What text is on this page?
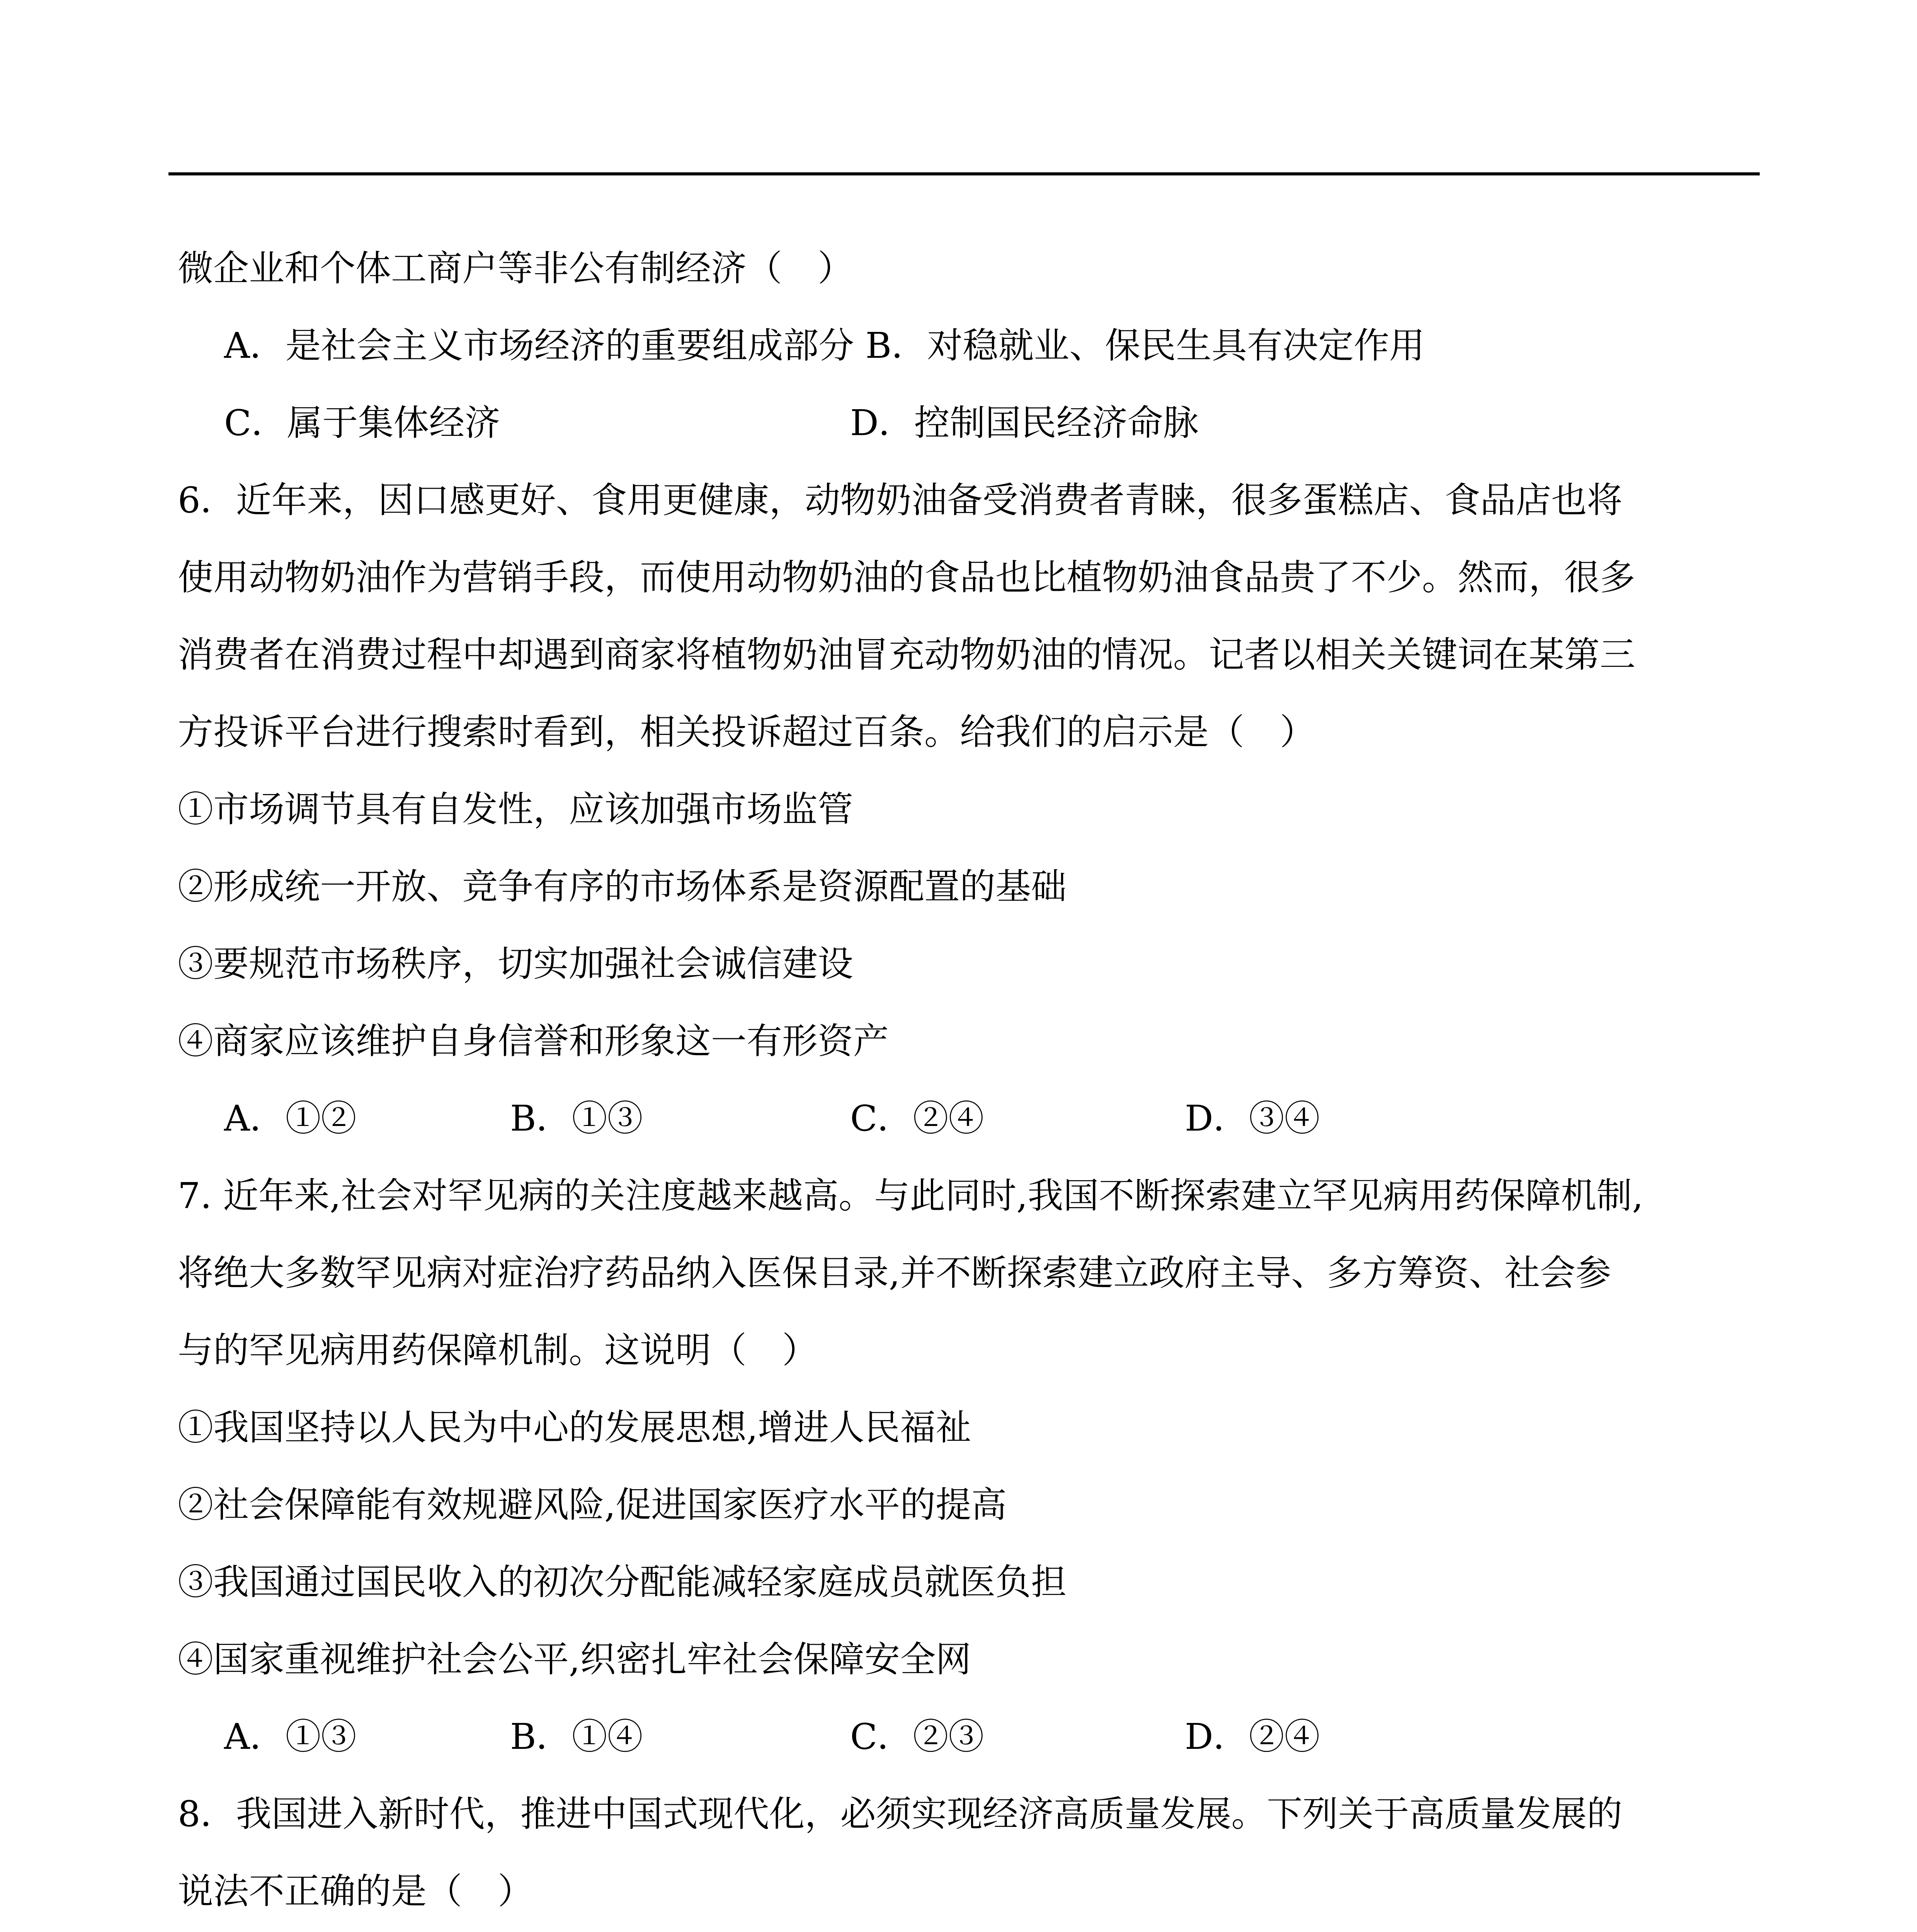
微企业和个体工商户等非公有制经济（　）
A．是社会主义市场经济的重要组成部分 B．对稳就业、保民生具有决定作用
C．属于集体经济	D．控制国民经济命脉
6．近年来，因口感更好、食用更健康，动物奶油备受消费者青睐，很多蛋糕店、食品店也将
使用动物奶油作为营销手段，而使用动物奶油的食品也比植物奶油食品贵了不少。然而，很多
消费者在消费过程中却遇到商家将植物奶油冒充动物奶油的情况。记者以相关关键词在某第三
方投诉平台进行搜索时看到，相关投诉超过百条。给我们的启示是（　）
①市场调节具有自发性，应该加强市场监管
②形成统一开放、竞争有序的市场体系是资源配置的基础
③要规范市场秩序，切实加强社会诚信建设
④商家应该维护自身信誉和形象这一有形资产
A．①②	B．①③	C．②④	D．③④
7. 近年来,社会对罕见病的关注度越来越高。与此同时,我国不断探索建立罕见病用药保障机制,
将绝大多数罕见病对症治疗药品纳入医保目录,并不断探索建立政府主导、多方筹资、社会参
与的罕见病用药保障机制。这说明（　）
①我国坚持以人民为中心的发展思想,增进人民福祉
②社会保障能有效规避风险,促进国家医疗水平的提高
③我国通过国民收入的初次分配能减轻家庭成员就医负担
④国家重视维护社会公平,织密扎牢社会保障安全网
A．①③	B．①④	C．②③	D．②④
8．我国进入新时代，推进中国式现代化，必须实现经济高质量发展。下列关于高质量发展的
说法不正确的是（　）
